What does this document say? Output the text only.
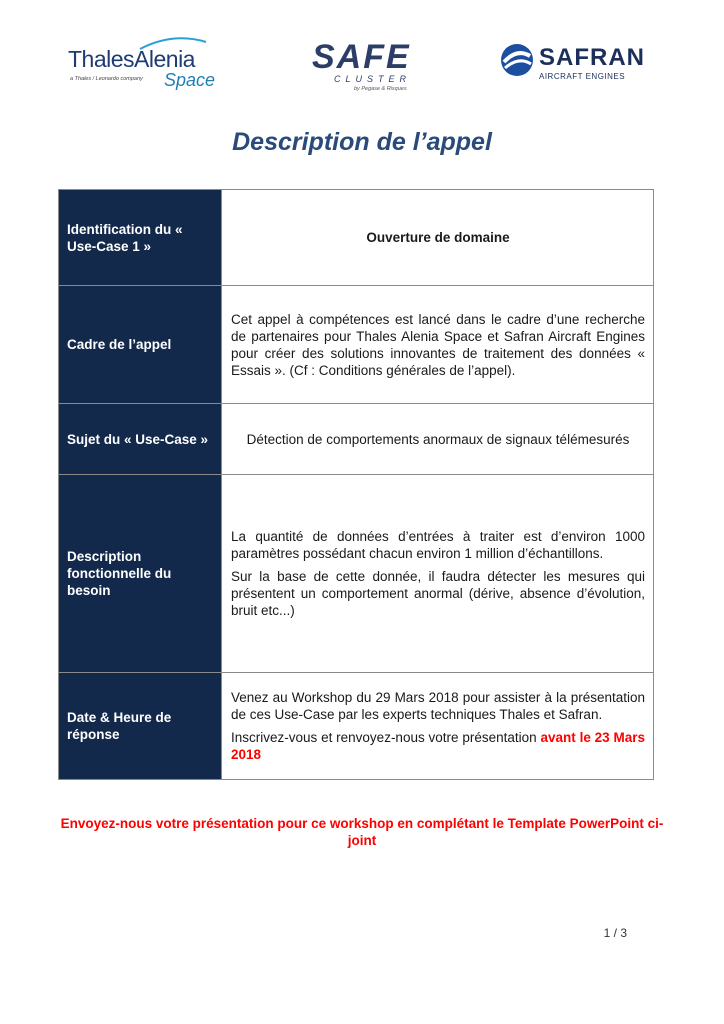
ThalesAlenia
a Thales / Leonardo company Space
SAFE
CLUSTER
by Pegase & Risques
SAFRAN
AIRCRAFT ENGINES
Description de l’appel
Identification du « Use-Case 1 »	Ouverture de domaine
Cadre de l’appel	Cet appel à compétences est lancé dans le cadre d’une recherche de partenaires pour Thales Alenia Space et Safran Aircraft Engines pour créer des solutions innovantes de traitement des données « Essais ». (Cf : Conditions générales de l’appel).
Sujet du « Use-Case »	Détection de comportements anormaux de signaux télémesurés
Description fonctionnelle du besoin	La quantité de données d’entrées à traiter est d’environ 1000 paramètres possédant chacun environ 1 million d’échantillons.

Sur la base de cette donnée, il faudra détecter les mesures qui présentent un comportement anormal (dérive, absence d’évolution, bruit etc...)

Date & Heure de réponse	Venez au Workshop du 29 Mars 2018 pour assister à la présentation de ces Use-Case par les experts techniques Thales et Safran.

Inscrivez-vous et renvoyez-nous votre présentation avant le 23 Mars 2018

Envoyez-nous votre présentation pour ce workshop en complétant le Template PowerPoint ci-joint
1 / 3
